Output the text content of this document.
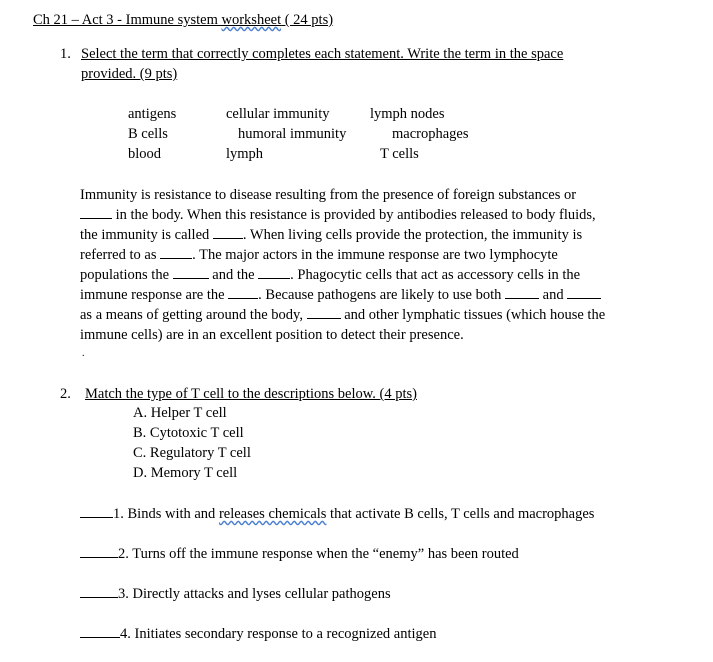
Ch 21 – Act 3 - Immune system worksheet ( 24 pts)
1. Select the term that correctly completes each statement. Write the term in the space
provided. (9 pts)
antigens	cellular immunity	lymph nodes
B cells	humoral immunity	macrophages
blood	lymph	T cells
Immunity is resistance to disease resulting from the presence of foreign substances or
in the body. When this resistance is provided by antibodies released to body fluids,
the immunity is called . When living cells provide the protection, the immunity is
referred to as . The major actors in the immune response are two lymphocyte
populations the  and the . Phagocytic cells that act as accessory cells in the
immune response are the . Because pathogens are likely to use both  and
as a means of getting around the body,  and other lymphatic tissues (which house the
immune cells) are in an excellent position to detect their presence.
.
2. Match the type of T cell to the descriptions below. (4 pts)
A. Helper T cell
B. Cytotoxic T cell
C. Regulatory T cell
D. Memory T cell
1. Binds with and releases chemicals that activate B cells, T cells and macrophages
2. Turns off the immune response when the “enemy” has been routed
3. Directly attacks and lyses cellular pathogens
4. Initiates secondary response to a recognized antigen
